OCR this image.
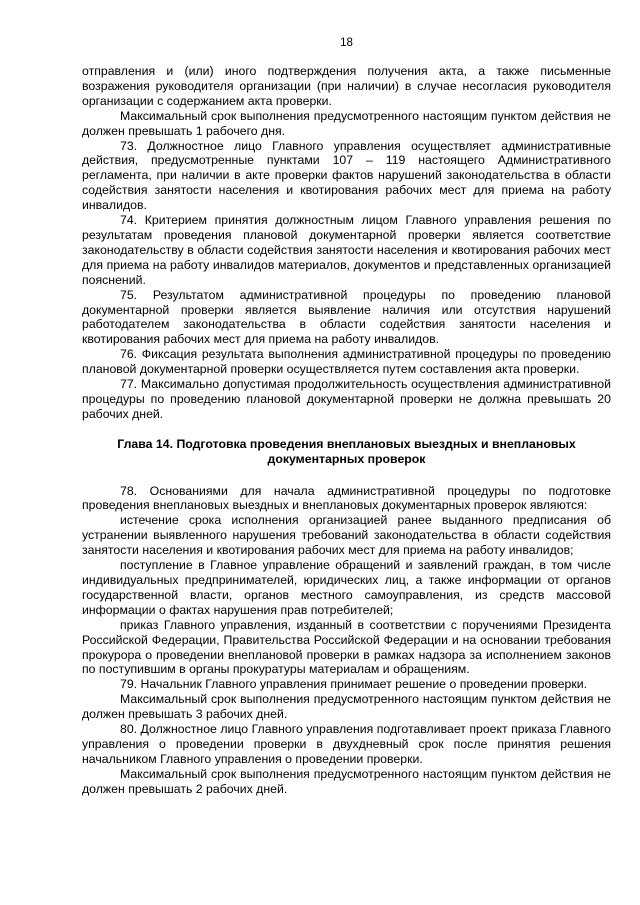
18

отправления и (или) иного подтверждения получения акта, а также письменные возражения руководителя организации (при наличии) в случае несогласия руководителя организации с содержанием акта проверки.

Максимальный срок выполнения предусмотренного настоящим пунктом действия не должен превышать 1 рабочего дня.

73. Должностное лицо Главного управления осуществляет административные действия, предусмотренные пунктами 107 – 119 настоящего Административного регламента, при наличии в акте проверки фактов нарушений законодательства в области содействия занятости населения и квотирования рабочих мест для приема на работу инвалидов.

74. Критерием принятия должностным лицом Главного управления решения по результатам проведения плановой документарной проверки является соответствие законодательству в области содействия занятости населения и квотирования рабочих мест для приема на работу инвалидов материалов, документов и представленных организацией пояснений.

75. Результатом административной процедуры по проведению плановой документарной проверки является выявление наличия или отсутствия нарушений работодателем законодательства в области содействия занятости населения и квотирования рабочих мест для приема на работу инвалидов.

76. Фиксация результата выполнения административной процедуры по проведению плановой документарной проверки осуществляется путем составления акта проверки.

77. Максимально допустимая продолжительность осуществления административной процедуры по проведению плановой документарной проверки не должна превышать 20 рабочих дней.

Глава 14. Подготовка проведения внеплановых выездных и внеплановых документарных проверок

78. Основаниями для начала административной процедуры по подготовке проведения внеплановых выездных и внеплановых документарных проверок являются:

истечение срока исполнения организацией ранее выданного предписания об устранении выявленного нарушения требований законодательства в области содействия занятости населения и квотирования рабочих мест для приема на работу инвалидов;

поступление в Главное управление обращений и заявлений граждан, в том числе индивидуальных предпринимателей, юридических лиц, а также информации от органов государственной власти, органов местного самоуправления, из средств массовой информации о фактах нарушения прав потребителей;

приказ Главного управления, изданный в соответствии с поручениями Президента Российской Федерации, Правительства Российской Федерации и на основании требования прокурора о проведении внеплановой проверки в рамках надзора за исполнением законов по поступившим в органы прокуратуры материалам и обращениям.

79. Начальник Главного управления принимает решение о проведении проверки.

Максимальный срок выполнения предусмотренного настоящим пунктом действия не должен превышать 3 рабочих дней.

80. Должностное лицо Главного управления подготавливает проект приказа Главного управления о проведении проверки в двухдневный срок после принятия решения начальником Главного управления о проведении проверки.

Максимальный срок выполнения предусмотренного настоящим пунктом действия не должен превышать 2 рабочих дней.
